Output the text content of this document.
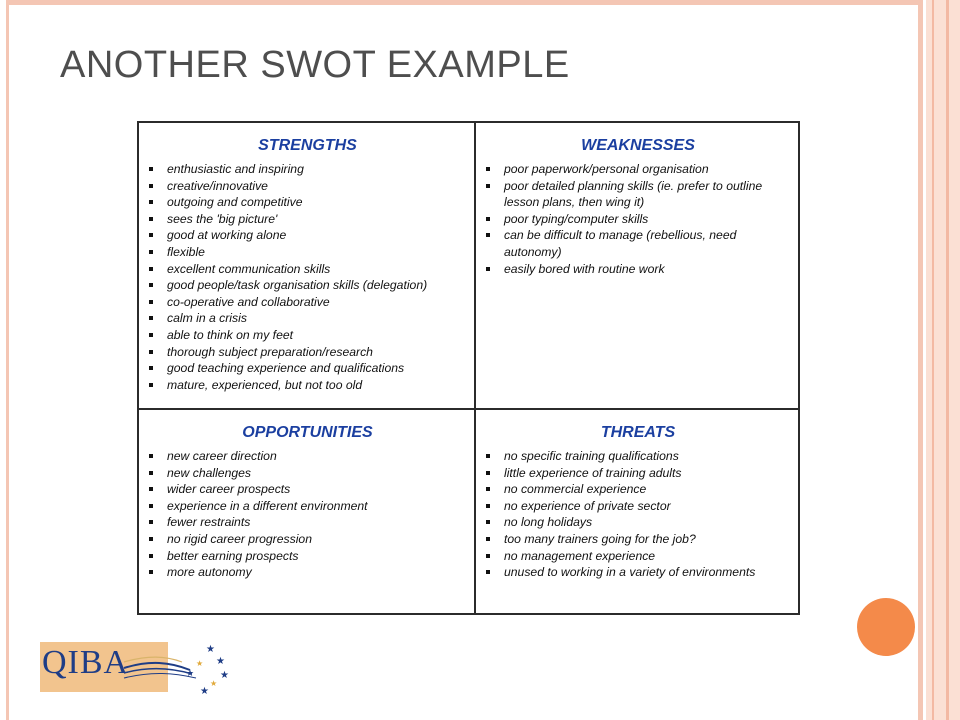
ANOTHER SWOT EXAMPLE

STRENGTHS

enthusiastic and inspiring
creative/innovative
outgoing and competitive
sees the 'big picture'
good at working alone
flexible
excellent communication skills
good people/task organisation skills (delegation)
co-operative and collaborative
calm in a crisis
able to think on my feet
thorough subject preparation/research
good teaching experience and qualifications
mature, experienced, but not too old

WEAKNESSES

poor paperwork/personal organisation
poor detailed planning skills (ie. prefer to outline lesson plans, then wing it)
poor typing/computer skills
can be difficult to manage (rebellious, need autonomy)
easily bored with routine work

OPPORTUNITIES

new career direction
new challenges
wider career prospects
experience in a different environment
fewer restraints
no rigid career progression
better earning prospects
more autonomy

THREATS

no specific training qualifications
little experience of training adults
no commercial experience
no experience of private sector
no long holidays
too many trainers going for the job?
no management experience
unused to working in a variety of environments
★
★
★
★
★
★
★
QIBA
